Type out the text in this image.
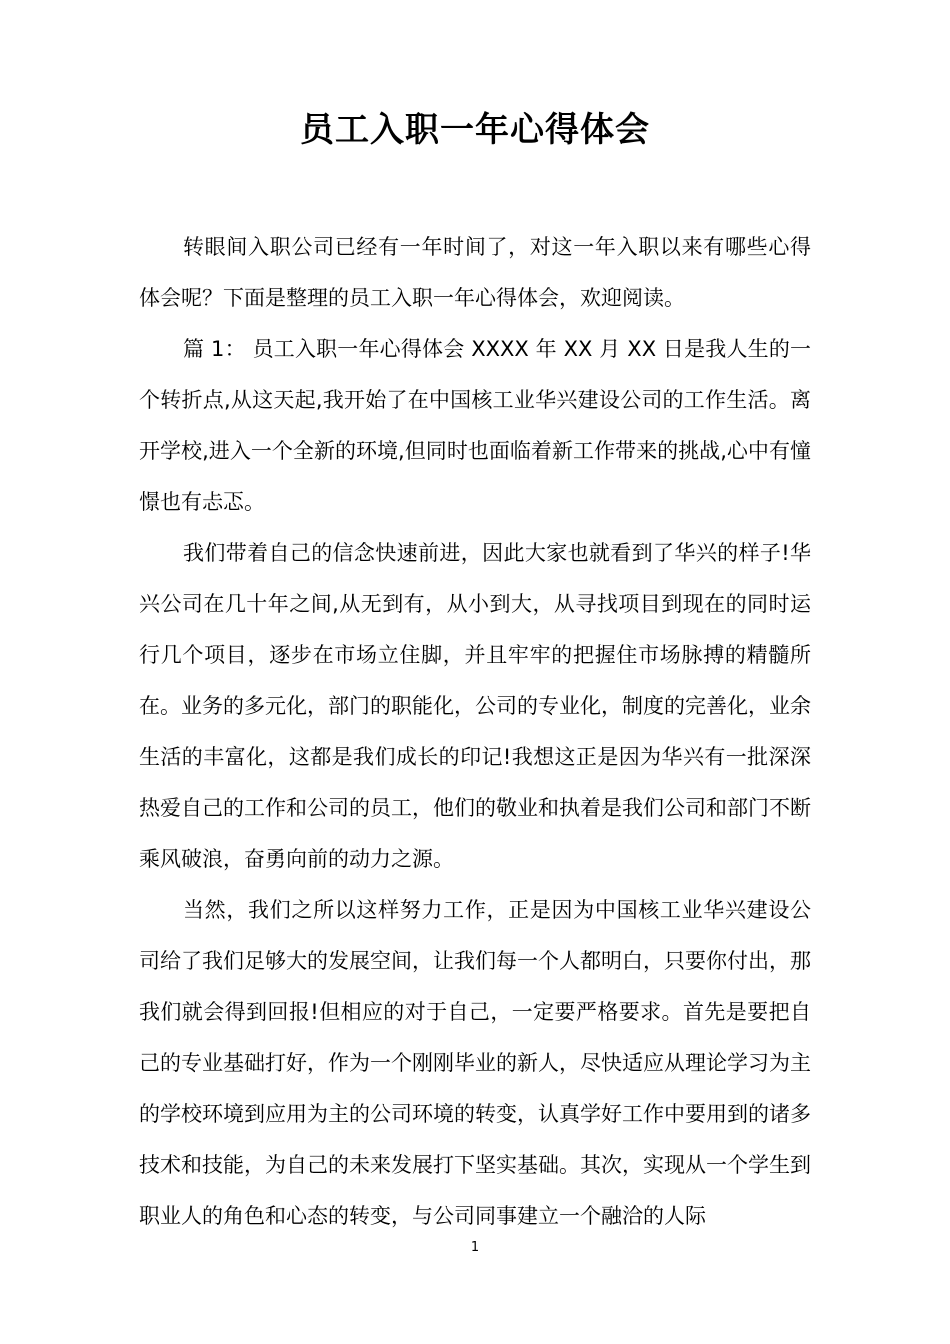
员工入职一年心得体会

转眼间入职公司已经有一年时间了，对这一年入职以来有哪些心得体会呢？下面是整理的员工入职一年心得体会，欢迎阅读。

篇 1： 员工入职一年心得体会 XXXX 年 XX 月 XX 日是我人生的一个转折点,从这天起,我开始了在中国核工业华兴建设公司的工作生活。离开学校,进入一个全新的环境,但同时也面临着新工作带来的挑战,心中有憧憬也有忐忑。

我们带着自己的信念快速前进，因此大家也就看到了华兴的样子!华兴公司在几十年之间,从无到有，从小到大，从寻找项目到现在的同时运行几个项目，逐步在市场立住脚，并且牢牢的把握住市场脉搏的精髓所在。业务的多元化，部门的职能化，公司的专业化，制度的完善化，业余生活的丰富化，这都是我们成长的印记!我想这正是因为华兴有一批深深热爱自己的工作和公司的员工，他们的敬业和执着是我们公司和部门不断乘风破浪，奋勇向前的动力之源。

当然，我们之所以这样努力工作，正是因为中国核工业华兴建设公司给了我们足够大的发展空间，让我们每一个人都明白，只要你付出，那我们就会得到回报!但相应的对于自己，一定要严格要求。首先是要把自己的专业基础打好，作为一个刚刚毕业的新人，尽快适应从理论学习为主的学校环境到应用为主的公司环境的转变，认真学好工作中要用到的诸多技术和技能，为自己的未来发展打下坚实基础。其次，实现从一个学生到职业人的角色和心态的转变，与公司同事建立一个融洽的人际

1
